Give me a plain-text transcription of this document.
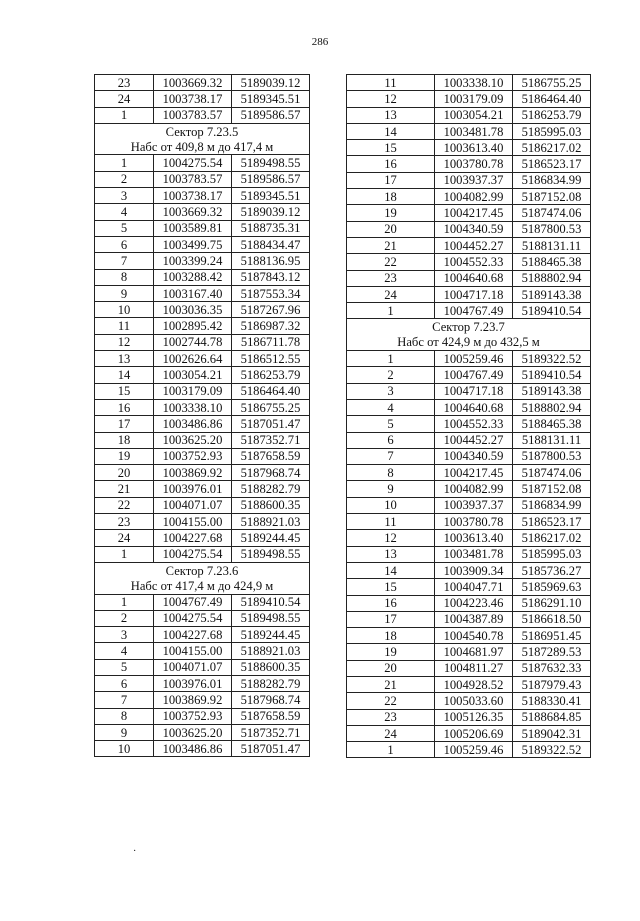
286
23	1003669.32	5189039.12
24	1003738.17	5189345.51
1	1003783.57	5189586.57
Сектор 7.23.5		
Набс от 409,8 м до 417,4 м		
1	1004275.54	5189498.55
2	1003783.57	5189586.57
3	1003738.17	5189345.51
4	1003669.32	5189039.12
5	1003589.81	5188735.31
6	1003499.75	5188434.47
7	1003399.24	5188136.95
8	1003288.42	5187843.12
9	1003167.40	5187553.34
10	1003036.35	5187267.96
11	1002895.42	5186987.32
12	1002744.78	5186711.78
13	1002626.64	5186512.55
14	1003054.21	5186253.79
15	1003179.09	5186464.40
16	1003338.10	5186755.25
17	1003486.86	5187051.47
18	1003625.20	5187352.71
19	1003752.93	5187658.59
20	1003869.92	5187968.74
21	1003976.01	5188282.79
22	1004071.07	5188600.35
23	1004155.00	5188921.03
24	1004227.68	5189244.45
1	1004275.54	5189498.55
Сектор 7.23.6		
Набс от 417,4 м до 424,9 м		
1	1004767.49	5189410.54
2	1004275.54	5189498.55
3	1004227.68	5189244.45
4	1004155.00	5188921.03
5	1004071.07	5188600.35
6	1003976.01	5188282.79
7	1003869.92	5187968.74
8	1003752.93	5187658.59
9	1003625.20	5187352.71
10	1003486.86	5187051.47
11	1003338.10	5186755.25
12	1003179.09	5186464.40
13	1003054.21	5186253.79
14	1003481.78	5185995.03
15	1003613.40	5186217.02
16	1003780.78	5186523.17
17	1003937.37	5186834.99
18	1004082.99	5187152.08
19	1004217.45	5187474.06
20	1004340.59	5187800.53
21	1004452.27	5188131.11
22	1004552.33	5188465.38
23	1004640.68	5188802.94
24	1004717.18	5189143.38
1	1004767.49	5189410.54
Сектор 7.23.7		
Набс от 424,9 м до 432,5 м		
1	1005259.46	5189322.52
2	1004767.49	5189410.54
3	1004717.18	5189143.38
4	1004640.68	5188802.94
5	1004552.33	5188465.38
6	1004452.27	5188131.11
7	1004340.59	5187800.53
8	1004217.45	5187474.06
9	1004082.99	5187152.08
10	1003937.37	5186834.99
11	1003780.78	5186523.17
12	1003613.40	5186217.02
13	1003481.78	5185995.03
14	1003909.34	5185736.27
15	1004047.71	5185969.63
16	1004223.46	5186291.10
17	1004387.89	5186618.50
18	1004540.78	5186951.45
19	1004681.97	5187289.53
20	1004811.27	5187632.33
21	1004928.52	5187979.43
22	1005033.60	5188330.41
23	1005126.35	5188684.85
24	1005206.69	5189042.31
1	1005259.46	5189322.52
·
